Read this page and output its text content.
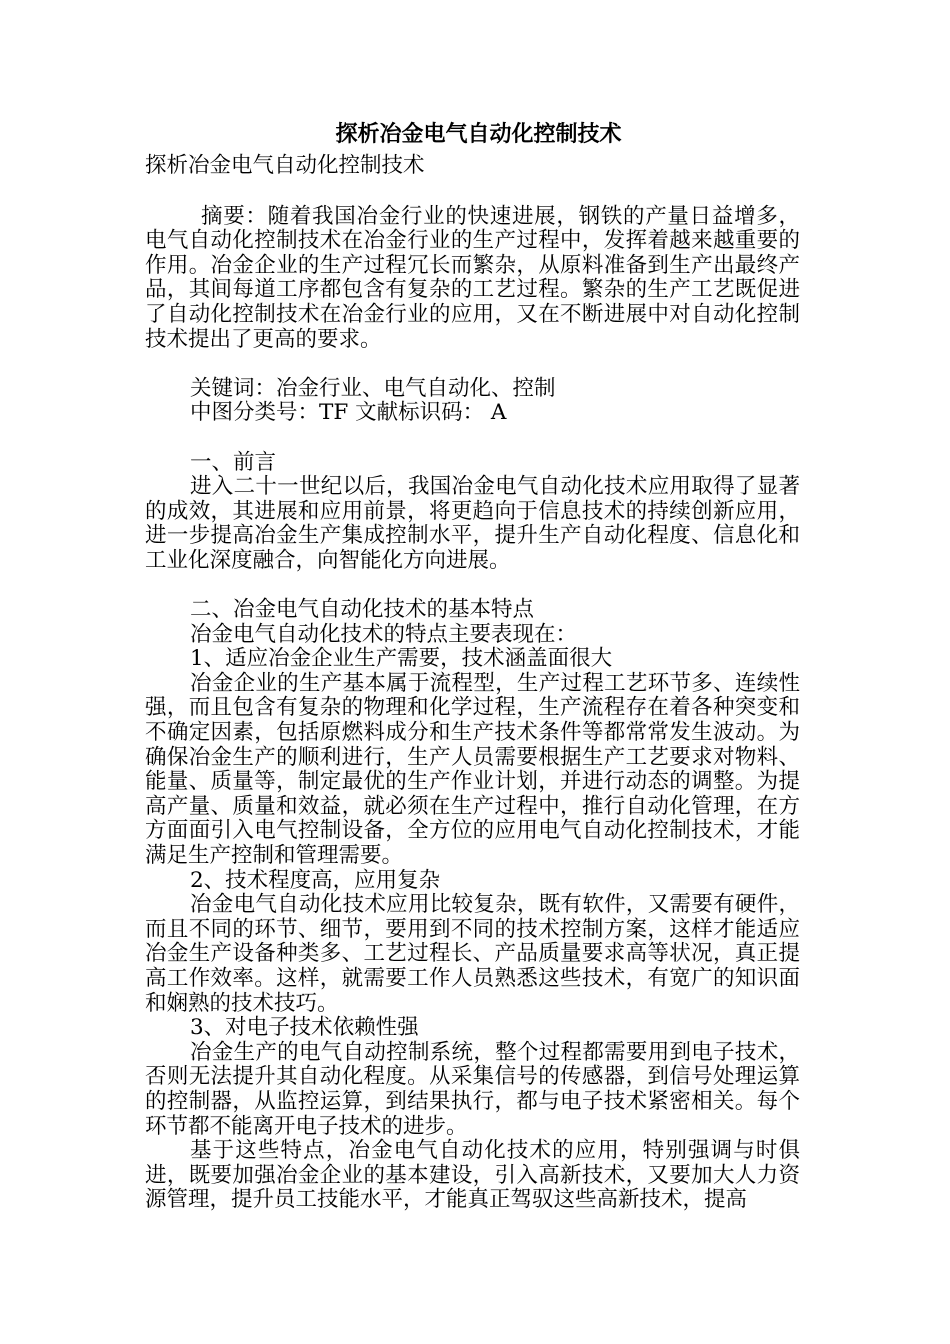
探析冶金电气自动化控制技术

探析冶金电气自动化控制技术

摘要：随着我国冶金行业的快速进展，钢铁的产量日益增多，电气自动化控制技术在冶金行业的生产过程中，发挥着越来越重要的作用。冶金企业的生产过程冗长而繁杂，从原料准备到生产出最终产品，其间每道工序都包含有复杂的工艺过程。繁杂的生产工艺既促进了自动化控制技术在冶金行业的应用，又在不断进展中对自动化控制技术提出了更高的要求。

关键词：冶金行业、电气自动化、控制

中图分类号：TF 文献标识码： A

一、前言

进入二十一世纪以后，我国冶金电气自动化技术应用取得了显著的成效，其进展和应用前景，将更趋向于信息技术的持续创新应用，进一步提高冶金生产集成控制水平，提升生产自动化程度、信息化和工业化深度融合，向智能化方向进展。

二、冶金电气自动化技术的基本特点

冶金电气自动化技术的特点主要表现在：

1、适应冶金企业生产需要，技术涵盖面很大

冶金企业的生产基本属于流程型，生产过程工艺环节多、连续性强，而且包含有复杂的物理和化学过程，生产流程存在着各种突变和不确定因素，包括原燃料成分和生产技术条件等都常常发生波动。为确保冶金生产的顺利进行，生产人员需要根据生产工艺要求对物料、能量、质量等，制定最优的生产作业计划，并进行动态的调整。为提高产量、质量和效益，就必须在生产过程中，推行自动化管理，在方方面面引入电气控制设备，全方位的应用电气自动化控制技术，才能满足生产控制和管理需要。

2、技术程度高，应用复杂

冶金电气自动化技术应用比较复杂，既有软件，又需要有硬件，而且不同的环节、细节，要用到不同的技术控制方案，这样才能适应冶金生产设备种类多、工艺过程长、产品质量要求高等状况，真正提高工作效率。这样，就需要工作人员熟悉这些技术，有宽广的知识面和娴熟的技术技巧。

3、对电子技术依赖性强

冶金生产的电气自动控制系统，整个过程都需要用到电子技术，否则无法提升其自动化程度。从采集信号的传感器，到信号处理运算的控制器，从监控运算，到结果执行，都与电子技术紧密相关。每个环节都不能离开电子技术的进步。

基于这些特点，冶金电气自动化技术的应用，特别强调与时俱进，既要加强冶金企业的基本建设，引入高新技术，又要加大人力资源管理，提升员工技能水平，才能真正驾驭这些高新技术，提高
